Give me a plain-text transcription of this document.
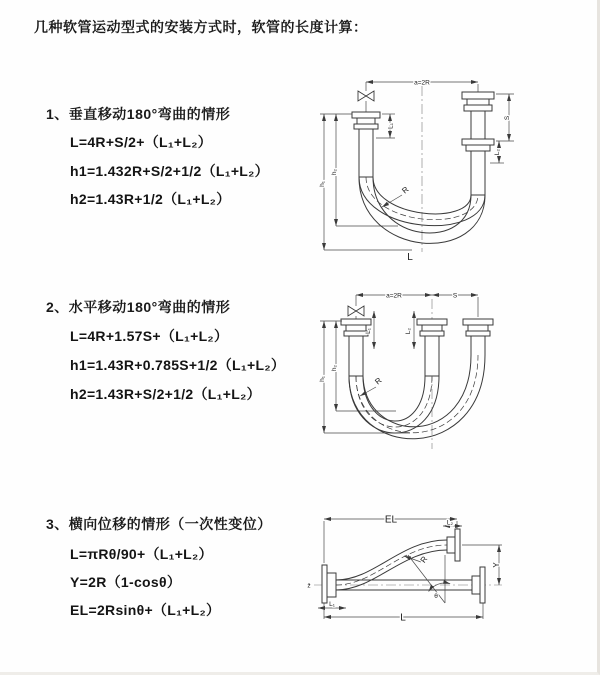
几种软管运动型式的安装方式时，软管的长度计算：
1、垂直移动180°弯曲的情形
L=4R+S/2+（L₁+L₂）
h1=1.432R+S/2+1/2（L₁+L₂）
h2=1.43R+1/2（L₁+L₂）
2、水平移动180°弯曲的情形
L=4R+1.57S+（L₁+L₂）
h1=1.43R+0.785S+1/2（L₁+L₂）
h2=1.43R+S/2+1/2（L₁+L₂）
3、横向位移的情形（一次性变位）
L=πRθ/90+（L₁+L₂）
Y=2R（1-cosθ）
EL=2Rsinθ+（L₁+L₂）
a=2R
L₁
S
L₂
h₁
h₂
R
L
a=2R	S
L₁	L₂
h₁
h₂
R
z̄
EL	L₂
θ
R
Y
L₁
L
